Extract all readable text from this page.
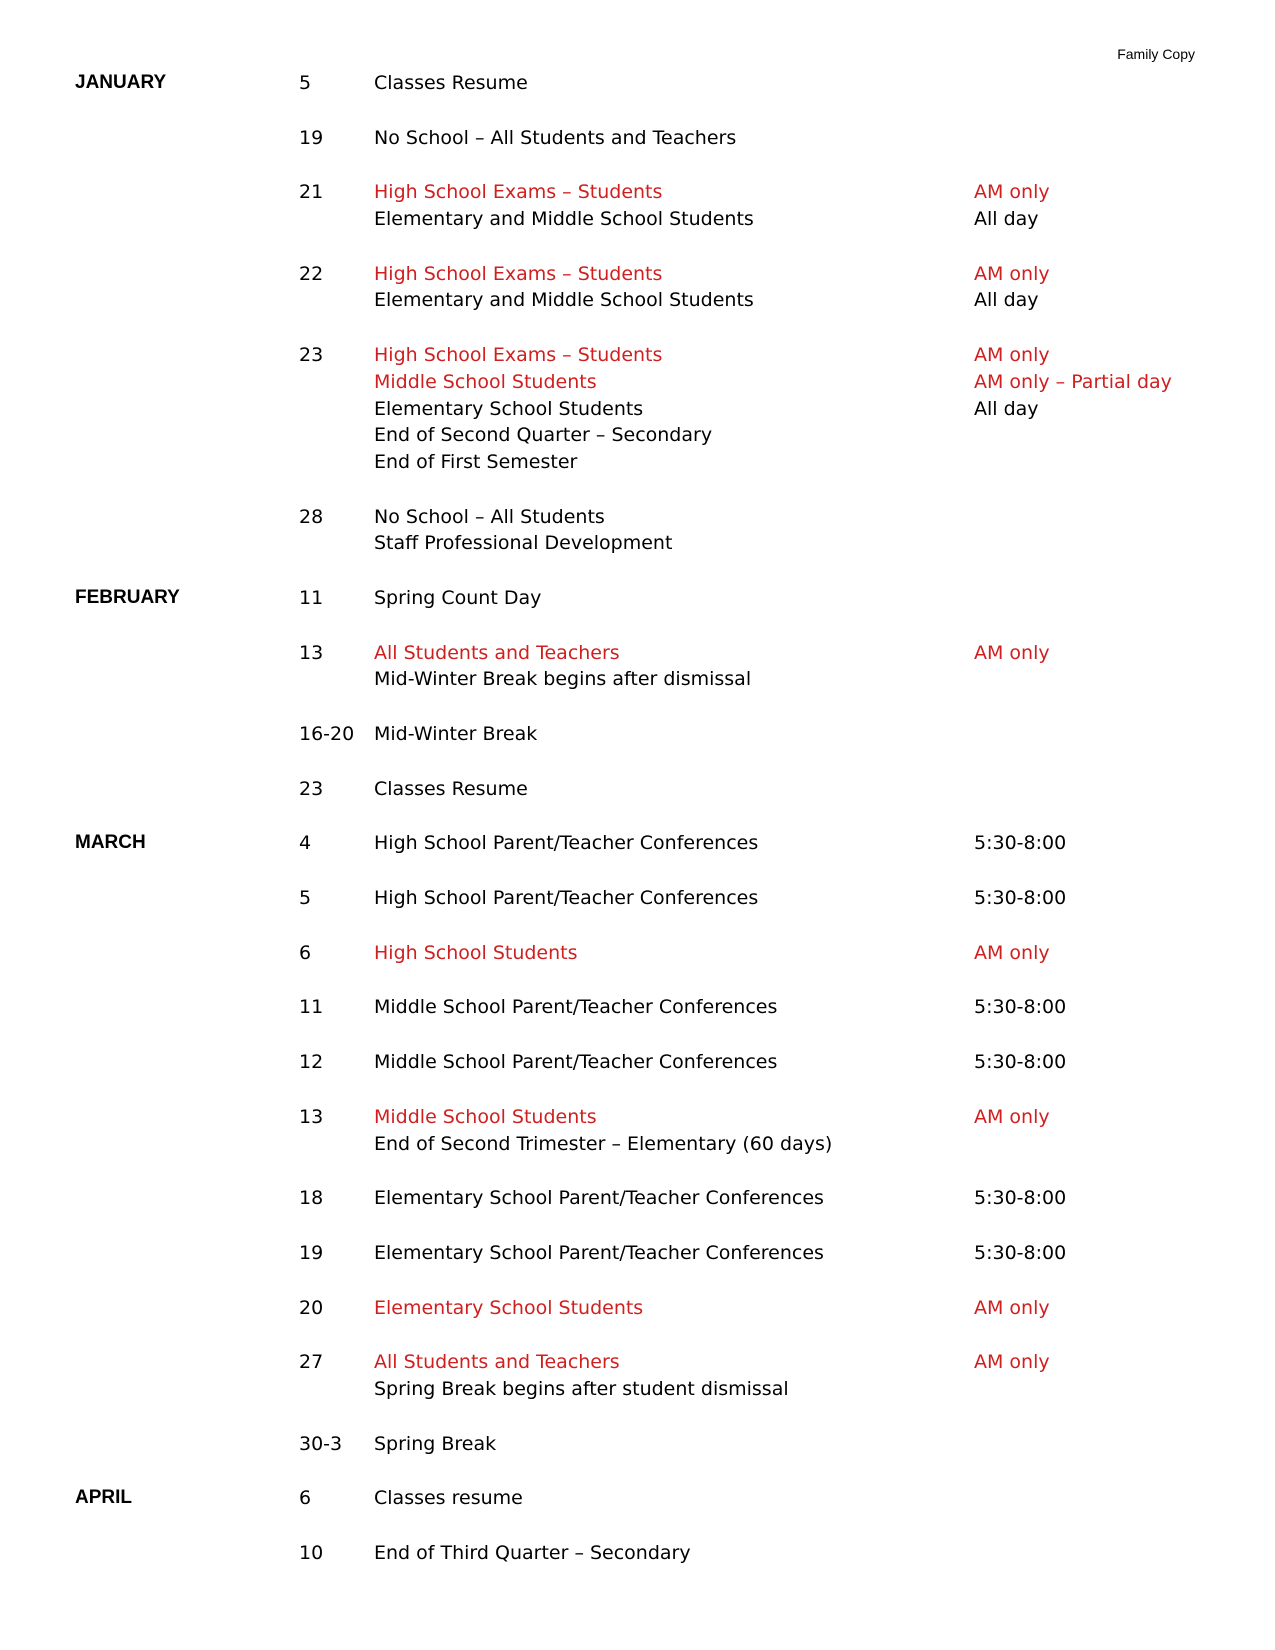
Family Copy
JANUARY	5	Classes Resume
19	No School – All Students and Teachers
21	High School Exams – Students	AM only
Elementary and Middle School Students	All day
22	High School Exams – Students	AM only
Elementary and Middle School Students	All day
23	High School Exams – Students	AM only
Middle School Students	AM only – Partial day
Elementary School Students	All day
End of Second Quarter – Secondary
End of First Semester
28	No School – All Students
Staff Professional Development
FEBRUARY	11	Spring Count Day
13	All Students and Teachers	AM only
Mid-Winter Break begins after dismissal
16-20 Mid-Winter Break
23	Classes Resume
MARCH	4	High School Parent/Teacher Conferences	5:30-8:00
5	High School Parent/Teacher Conferences	5:30-8:00
6	High School Students	AM only
11	Middle School Parent/Teacher Conferences	5:30-8:00
12	Middle School Parent/Teacher Conferences	5:30-8:00
13	Middle School Students	AM only
End of Second Trimester – Elementary (60 days)
18	Elementary School Parent/Teacher Conferences	5:30-8:00
19	Elementary School Parent/Teacher Conferences	5:30-8:00
20	Elementary School Students	AM only
27	All Students and Teachers	AM only
Spring Break begins after student dismissal
30-3 Spring Break
APRIL	6	Classes resume
10	End of Third Quarter – Secondary
